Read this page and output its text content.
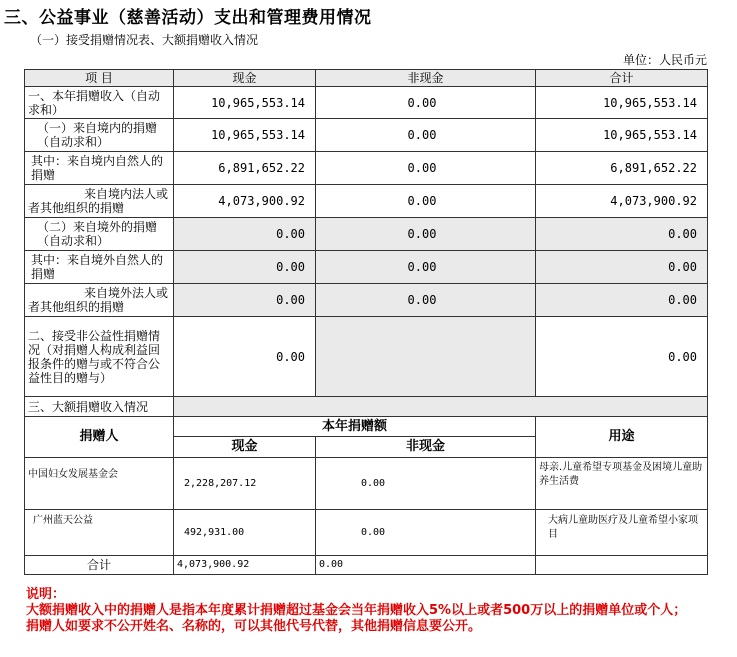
三、公益事业（慈善活动）支出和管理费用情况
（一）接受捐赠情况表、大额捐赠收入情况
单位：人民币元
项 目	现金	非现金	合计
一、本年捐赠收入（自动求和）	10,965,553.14	0.00	10,965,553.14
（一）来自境内的捐赠（自动求和）	10,965,553.14	0.00	10,965,553.14
其中：来自境内自然人的捐赠	6,891,652.22	0.00	6,891,652.22
来自境内法人或者其他组织的捐赠	4,073,900.92	0.00	4,073,900.92
（二）来自境外的捐赠（自动求和）	0.00	0.00	0.00
其中：来自境外自然人的捐赠	0.00	0.00	0.00
来自境外法人或者其他组织的捐赠	0.00	0.00	0.00
二、接受非公益性捐赠情况（对捐赠人构成利益回报条件的赠与或不符合公益性目的赠与）	0.00		0.00
三、大额捐赠收入情况			
捐赠人	本年捐赠额		用途
	现金	非现金	
中国妇女发展基金会	2,228,207.12	0.00	母亲.儿童希望专项基金及困境儿童助养生活费
广州蓝天公益	492,931.00	0.00	大病儿童助医疗及儿童希望小家项目
合计	4,073,900.92	0.00	
说明：
大额捐赠收入中的捐赠人是指本年度累计捐赠超过基金会当年捐赠收入5%以上或者500万以上的捐赠单位或个人；
捐赠人如要求不公开姓名、名称的，可以其他代号代替，其他捐赠信息要公开。
